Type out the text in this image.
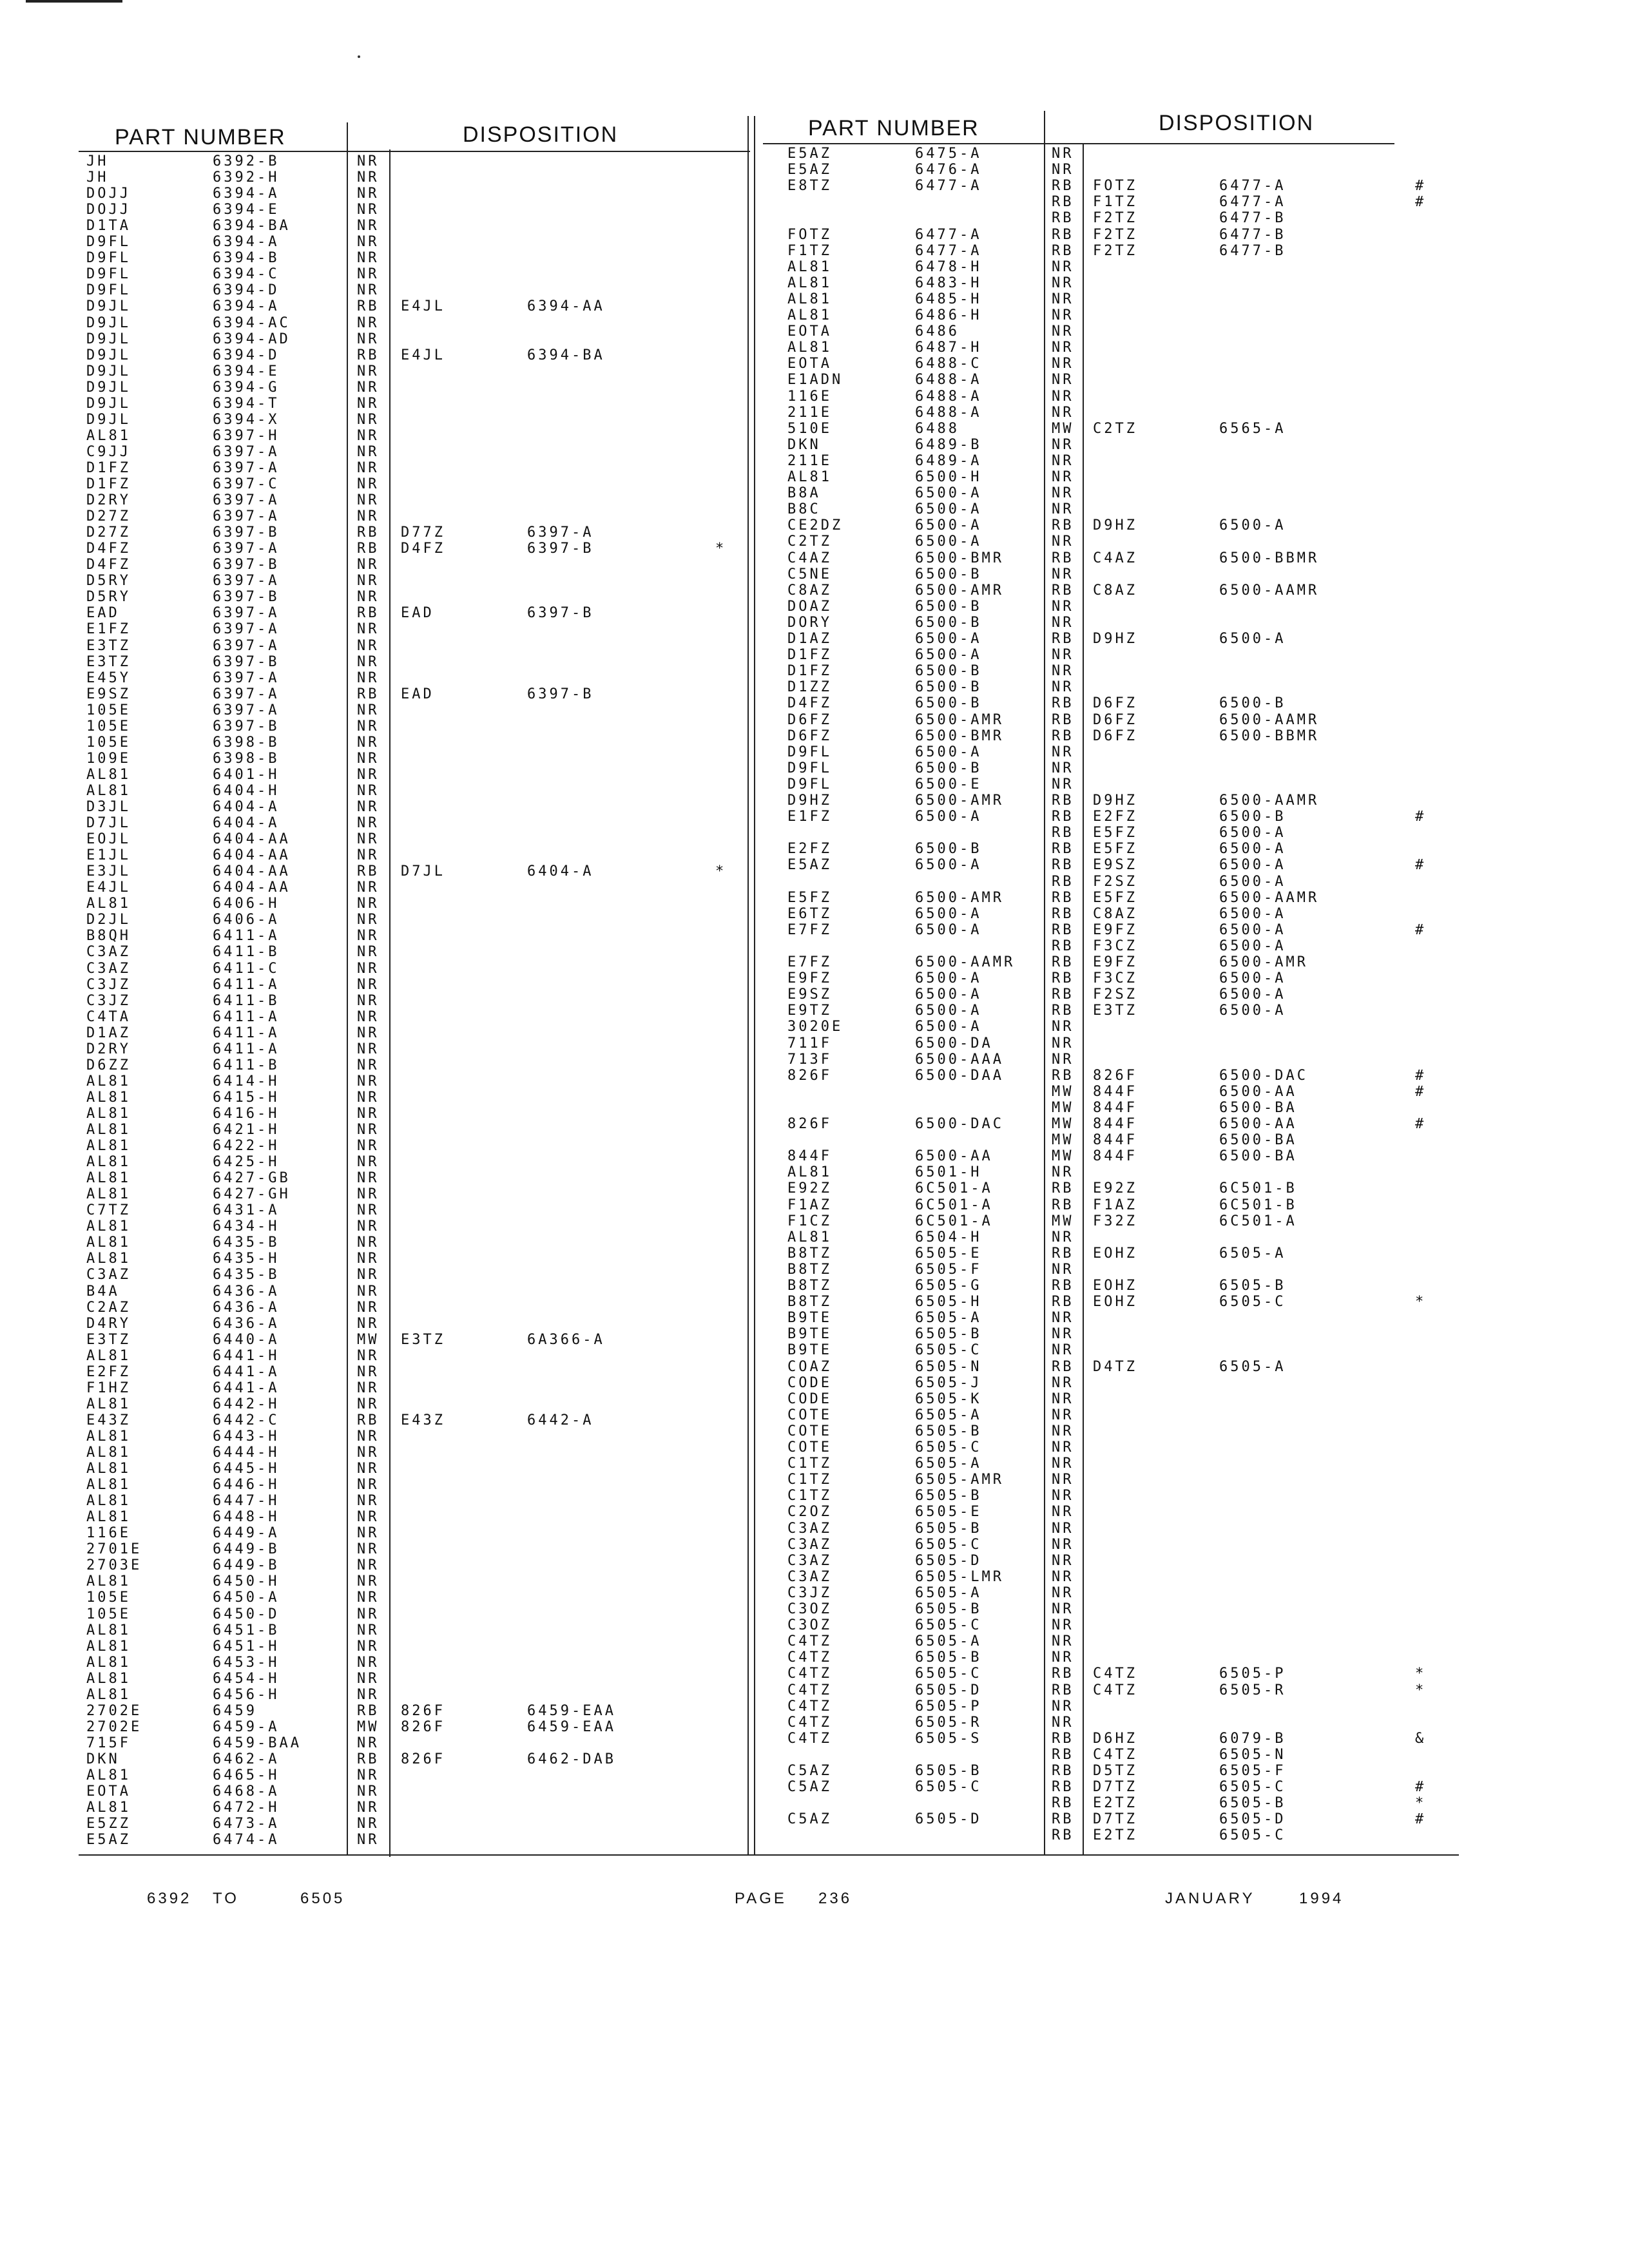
PART NUMBER	DISPOSITION	PART NUMBER	DISPOSITION
JH	6392-B	NR
JH	6392-H	NR
DOJJ	6394-A	NR
DOJJ	6394-E	NR
D1TA	6394-BA	NR
D9FL	6394-A	NR
D9FL	6394-B	NR
D9FL	6394-C	NR
D9FL	6394-D	NR
D9JL	6394-A	RB E4JL	6394-AA
D9JL	6394-AC	NR
D9JL	6394-AD	NR
D9JL	6394-D	RB E4JL	6394-BA
D9JL	6394-E	NR
D9JL	6394-G	NR
D9JL	6394-T	NR
D9JL	6394-X	NR
AL81	6397-H	NR
C9JJ	6397-A	NR
D1FZ	6397-A	NR
D1FZ	6397-C	NR
D2RY	6397-A	NR
D27Z	6397-A	NR
D27Z	6397-B	RB D77Z	6397-A
D4FZ	6397-A	RB D4FZ	6397-B	*
D4FZ	6397-B	NR
D5RY	6397-A	NR
D5RY	6397-B	NR
EAD	6397-A	RB EAD	6397-B
E1FZ	6397-A	NR
E3TZ	6397-A	NR
E3TZ	6397-B	NR
E45Y	6397-A	NR
E9SZ	6397-A	RB EAD	6397-B
105E	6397-A	NR
105E	6397-B	NR
105E	6398-B	NR
109E	6398-B	NR
AL81	6401-H	NR
AL81	6404-H	NR
D3JL	6404-A	NR
D7JL	6404-A	NR
EOJL	6404-AA	NR
E1JL	6404-AA	NR
E3JL	6404-AA	RB D7JL	6404-A	*
E4JL	6404-AA	NR
AL81	6406-H	NR
D2JL	6406-A	NR
B8QH	6411-A	NR
C3AZ	6411-B	NR
C3AZ	6411-C	NR
C3JZ	6411-A	NR
C3JZ	6411-B	NR
C4TA	6411-A	NR
D1AZ	6411-A	NR
D2RY	6411-A	NR
D6ZZ	6411-B	NR
AL81	6414-H	NR
AL81	6415-H	NR
AL81	6416-H	NR
AL81	6421-H	NR
AL81	6422-H	NR
AL81	6425-H	NR
AL81	6427-GB	NR
AL81	6427-GH	NR
C7TZ	6431-A	NR
AL81	6434-H	NR
AL81	6435-B	NR
AL81	6435-H	NR
C3AZ	6435-B	NR
B4A	6436-A	NR
C2AZ	6436-A	NR
D4RY	6436-A	NR
E3TZ	6440-A	MW E3TZ	6A366-A
AL81	6441-H	NR
E2FZ	6441-A	NR
F1HZ	6441-A	NR
AL81	6442-H	NR
E43Z	6442-C	RB E43Z	6442-A
AL81	6443-H	NR
AL81	6444-H	NR
AL81	6445-H	NR
AL81	6446-H	NR
AL81	6447-H	NR
AL81	6448-H	NR
116E	6449-A	NR
2701E	6449-B	NR
2703E	6449-B	NR
AL81	6450-H	NR
105E	6450-A	NR
105E	6450-D	NR
AL81	6451-B	NR
AL81	6451-H	NR
AL81	6453-H	NR
AL81	6454-H	NR
AL81	6456-H	NR
2702E	6459	RB 826F	6459-EAA
2702E	6459-A	MW 826F	6459-EAA
715F	6459-BAA	NR
DKN	6462-A	RB 826F	6462-DAB
AL81	6465-H	NR
EOTA	6468-A	NR
AL81	6472-H	NR
E5ZZ	6473-A	NR
E5AZ	6474-A	NR
E5AZ	6475-A	NR
E5AZ	6476-A	NR
E8TZ	6477-A	RB FOTZ	6477-A	#
RB F1TZ	6477-A	#
RB F2TZ	6477-B
FOTZ	6477-A	RB F2TZ	6477-B
F1TZ	6477-A	RB F2TZ	6477-B
AL81	6478-H	NR
AL81	6483-H	NR
AL81	6485-H	NR
AL81	6486-H	NR
EOTA	6486	NR
AL81	6487-H	NR
EOTA	6488-C	NR
E1ADN	6488-A	NR
116E	6488-A	NR
211E	6488-A	NR
510E	6488	MW C2TZ	6565-A
DKN	6489-B	NR
211E	6489-A	NR
AL81	6500-H	NR
B8A	6500-A	NR
B8C	6500-A	NR
CE2DZ	6500-A	RB D9HZ	6500-A
C2TZ	6500-A	NR
C4AZ	6500-BMR	RB C4AZ	6500-BBMR
C5NE	6500-B	NR
C8AZ	6500-AMR	RB C8AZ	6500-AAMR
DOAZ	6500-B	NR
DORY	6500-B	NR
D1AZ	6500-A	RB D9HZ	6500-A
D1FZ	6500-A	NR
D1FZ	6500-B	NR
D1ZZ	6500-B	NR
D4FZ	6500-B	RB D6FZ	6500-B
D6FZ	6500-AMR	RB D6FZ	6500-AAMR
D6FZ	6500-BMR	RB D6FZ	6500-BBMR
D9FL	6500-A	NR
D9FL	6500-B	NR
D9FL	6500-E	NR
D9HZ	6500-AMR	RB D9HZ	6500-AAMR
E1FZ	6500-A	RB E2FZ	6500-B	#
RB E5FZ	6500-A
E2FZ	6500-B	RB E5FZ	6500-A
E5AZ	6500-A	RB E9SZ	6500-A	#
RB F2SZ	6500-A
E5FZ	6500-AMR	RB E5FZ	6500-AAMR
E6TZ	6500-A	RB C8AZ	6500-A
E7FZ	6500-A	RB E9FZ	6500-A	#
RB F3CZ	6500-A
E7FZ	6500-AAMR	RB E9FZ	6500-AMR
E9FZ	6500-A	RB F3CZ	6500-A
E9SZ	6500-A	RB F2SZ	6500-A
E9TZ	6500-A	RB E3TZ	6500-A
3020E	6500-A	NR
711F	6500-DA	NR
713F	6500-AAA	NR
826F	6500-DAA	RB 826F	6500-DAC	#
MW 844F	6500-AA	#
MW 844F	6500-BA
826F	6500-DAC	MW 844F	6500-AA	#
MW 844F	6500-BA
844F	6500-AA	MW 844F	6500-BA
AL81	6501-H	NR
E92Z	6C501-A	RB E92Z	6C501-B
F1AZ	6C501-A	RB F1AZ	6C501-B
F1CZ	6C501-A	MW F32Z	6C501-A
AL81	6504-H	NR
B8TZ	6505-E	RB EOHZ	6505-A
B8TZ	6505-F	NR
B8TZ	6505-G	RB EOHZ	6505-B
B8TZ	6505-H	RB EOHZ	6505-C	*
B9TE	6505-A	NR
B9TE	6505-B	NR
B9TE	6505-C	NR
COAZ	6505-N	RB D4TZ	6505-A
CODE	6505-J	NR
CODE	6505-K	NR
COTE	6505-A	NR
COTE	6505-B	NR
COTE	6505-C	NR
C1TZ	6505-A	NR
C1TZ	6505-AMR	NR
C1TZ	6505-B	NR
C2OZ	6505-E	NR
C3AZ	6505-B	NR
C3AZ	6505-C	NR
C3AZ	6505-D	NR
C3AZ	6505-LMR	NR
C3JZ	6505-A	NR
C3OZ	6505-B	NR
C3OZ	6505-C	NR
C4TZ	6505-A	NR
C4TZ	6505-B	NR
C4TZ	6505-C	RB C4TZ	6505-P	*
C4TZ	6505-D	RB C4TZ	6505-R	*
C4TZ	6505-P	NR
C4TZ	6505-R	NR
C4TZ	6505-S	RB D6HZ	6079-B	&
RB C4TZ	6505-N
C5AZ	6505-B	RB D5TZ	6505-F
C5AZ	6505-C	RB D7TZ	6505-C	#
RB E2TZ	6505-B	*
C5AZ	6505-D	RB D7TZ	6505-D	#
RB E2TZ	6505-C
6392 TO	6505	PAGE 236	JANUARY	1994
